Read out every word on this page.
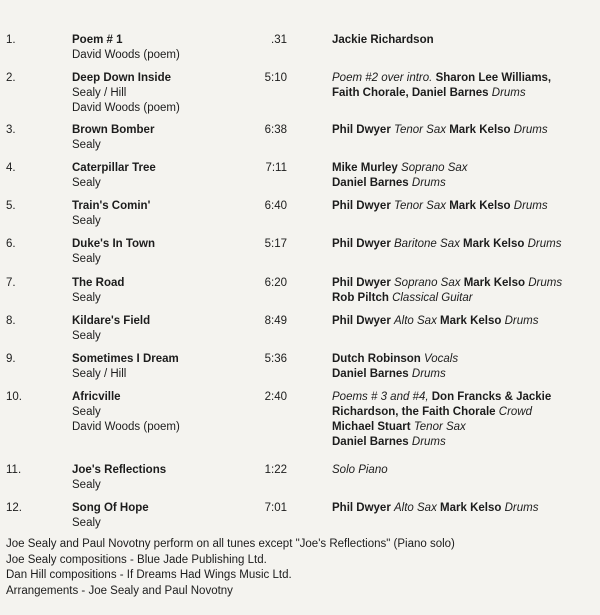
1.	Poem # 1
David Woods (poem)
.31	Jackie Richardson
2.	Deep Down Inside
Sealy / Hill
David Woods (poem)
5:10	Poem #2 over intro. Sharon Lee Williams,
Faith Chorale, Daniel Barnes Drums
3.	Brown Bomber
Sealy
6:38	Phil Dwyer Tenor Sax Mark Kelso Drums
4.	Caterpillar Tree
Sealy
7:11	Mike Murley Soprano Sax
Daniel Barnes Drums
5.	Train's Comin'
Sealy
6:40	Phil Dwyer Tenor Sax Mark Kelso Drums
6.	Duke's In Town
Sealy
5:17	Phil Dwyer Baritone Sax Mark Kelso Drums
7.	The Road
Sealy
6:20	Phil Dwyer Soprano Sax Mark Kelso Drums
Rob Piltch Classical Guitar
8.	Kildare's Field
Sealy
8:49	Phil Dwyer Alto Sax Mark Kelso Drums
9.	Sometimes I Dream
Sealy / Hill
5:36	Dutch Robinson Vocals
Daniel Barnes Drums
10.	Africville
Sealy
David Woods (poem)
2:40	Poems # 3 and #4, Don Francks & Jackie
Richardson, the Faith Chorale Crowd
Michael Stuart Tenor Sax
Daniel Barnes Drums
11.	Joe's Reflections
Sealy
1:22	Solo Piano
12.	Song Of Hope
Sealy
7:01	Phil Dwyer Alto Sax Mark Kelso Drums
Joe Sealy and Paul Novotny perform on all tunes except "Joe's Reflections" (Piano solo)
Joe Sealy compositions - Blue Jade Publishing Ltd.
Dan Hill compositions - If Dreams Had Wings Music Ltd.
Arrangements - Joe Sealy and Paul Novotny
